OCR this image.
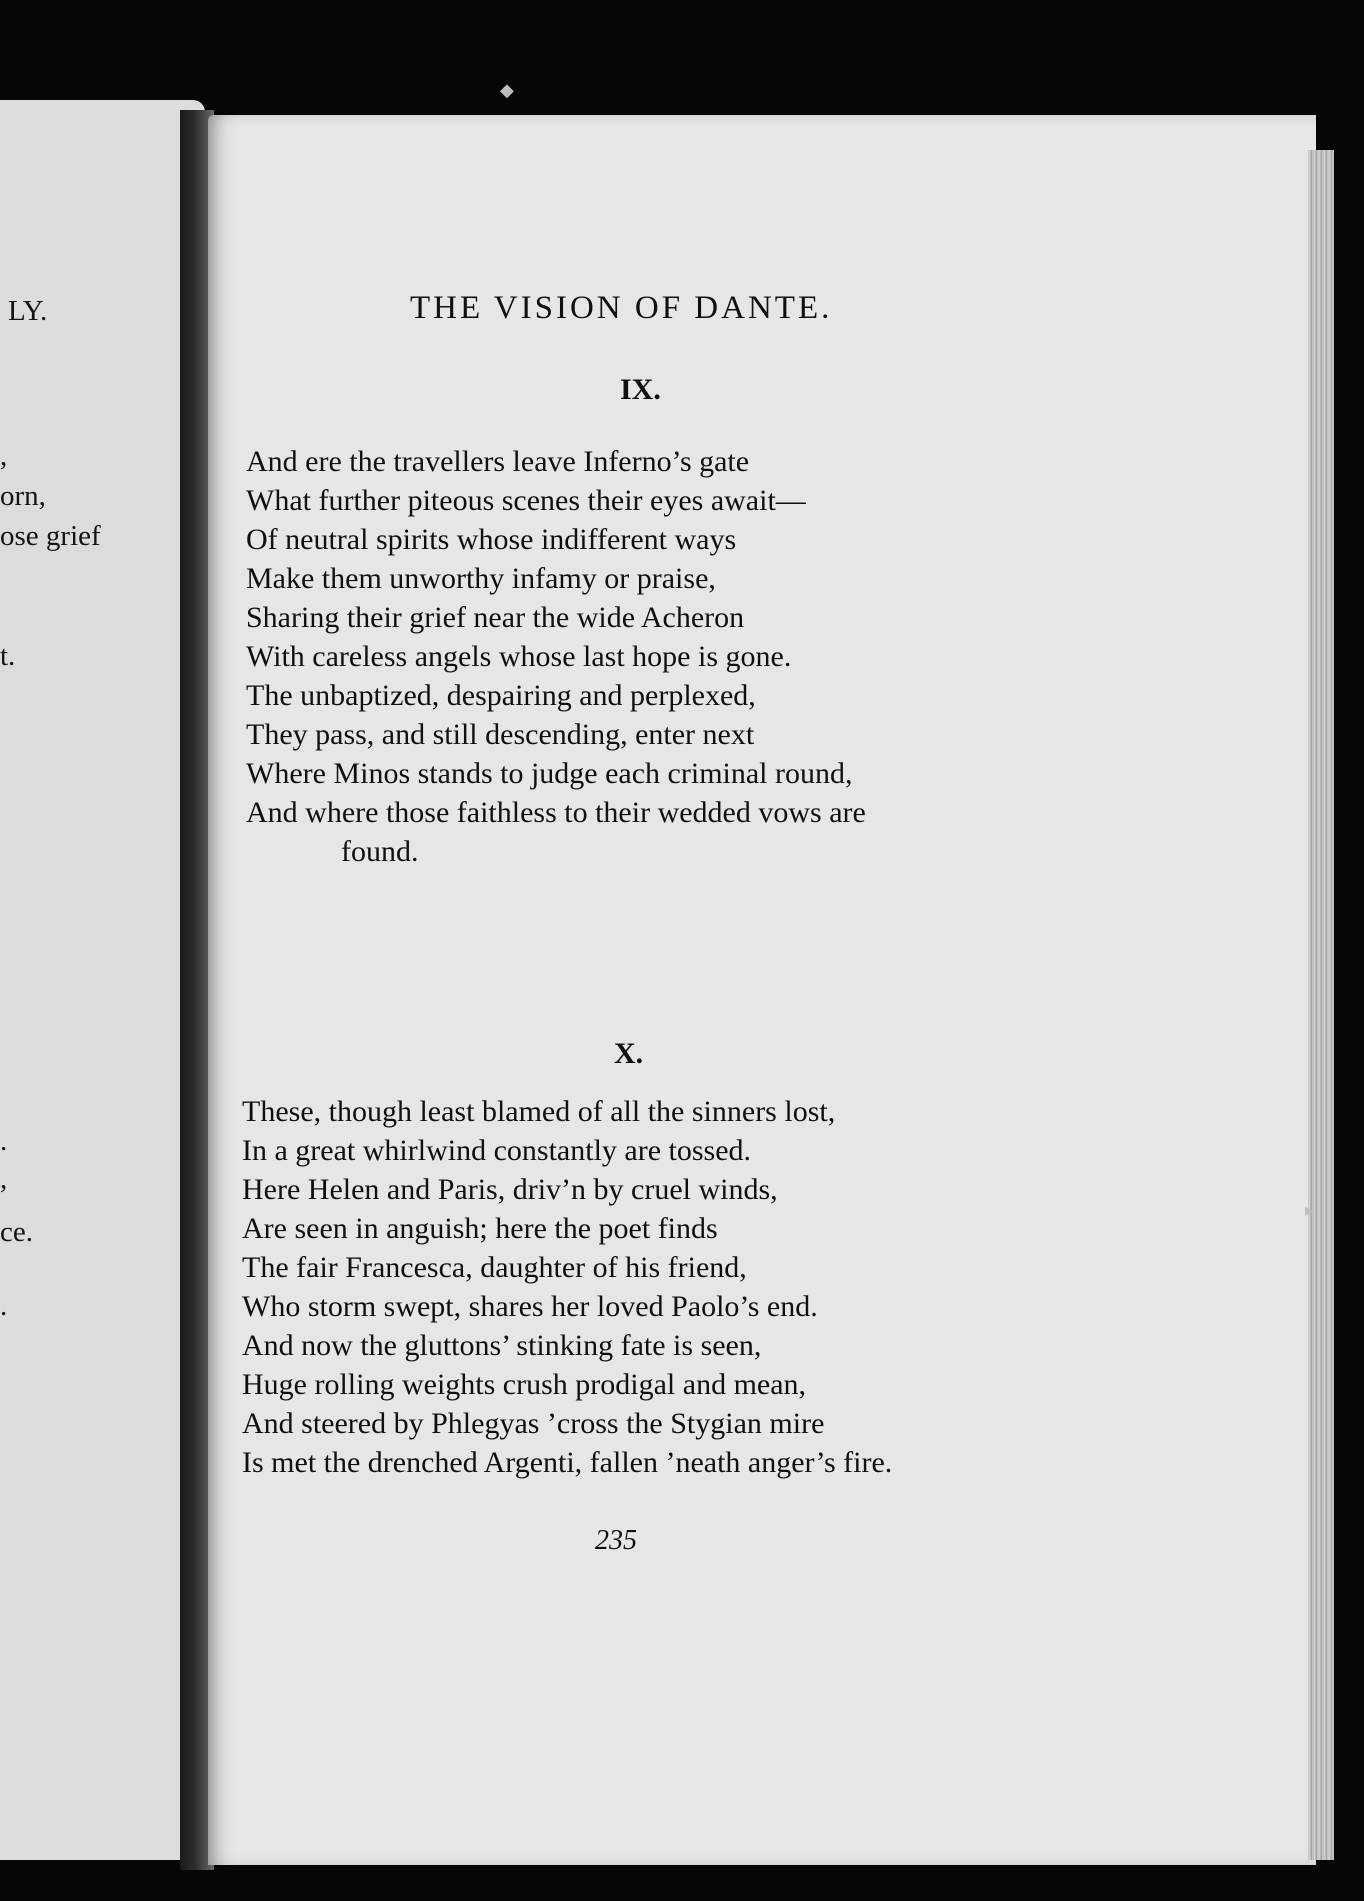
LY.
,
orn,
ose grief
t.
.
,
ce.
.
THE VISION OF DANTE.
IX.
And ere the travellers leave Inferno’s gate
What further piteous scenes their eyes await—
Of neutral spirits whose indifferent ways
Make them unworthy infamy or praise,
Sharing their grief near the wide Acheron
With careless angels whose last hope is gone.
The unbaptized, despairing and perplexed,
They pass, and still descending, enter next
Where Minos stands to judge each criminal round,
And where those faithless to their wedded vows are
found.
X.
These, though least blamed of all the sinners lost,
In a great whirlwind constantly are tossed.
Here Helen and Paris, driv’n by cruel winds,
Are seen in anguish; here the poet finds
The fair Francesca, daughter of his friend,
Who storm swept, shares her loved Paolo’s end.
And now the gluttons’ stinking fate is seen,
Huge rolling weights crush prodigal and mean,
And steered by Phlegyas ’cross the Stygian mire
Is met the drenched Argenti, fallen ’neath anger’s fire.
235
◆
▸
